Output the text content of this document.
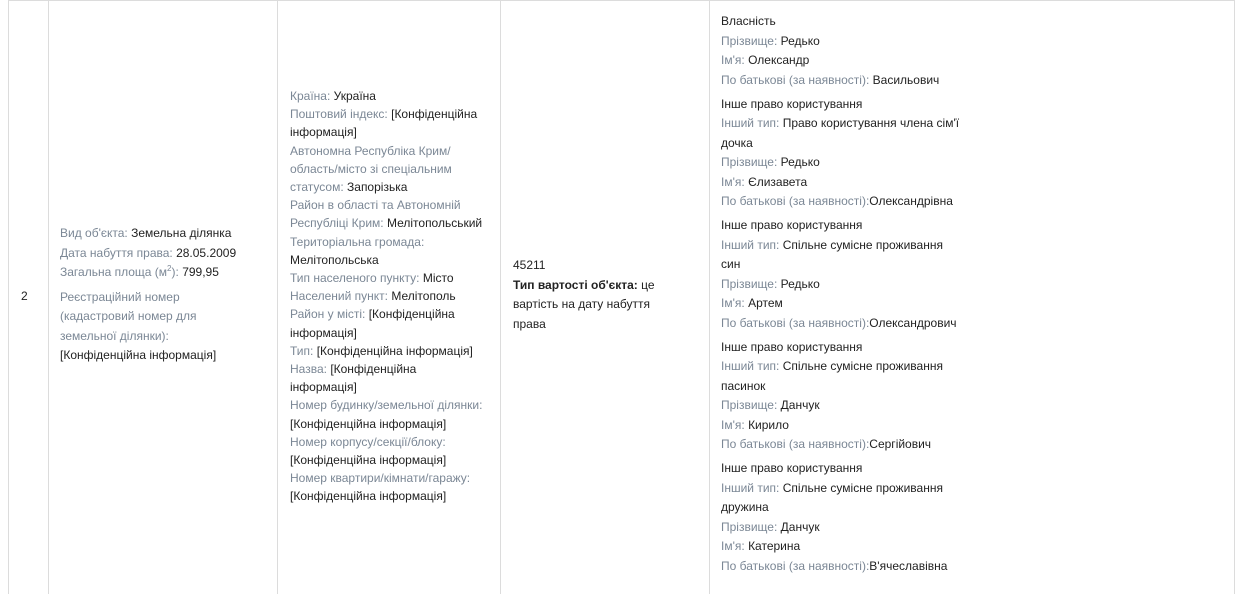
2
Вид об'єкта: Земельна ділянка
Дата набуття права: 28.05.2009
Загальна площа $(м^2)$: 799,95
Реєстраційний номер
(кадастровий номер для
земельної ділянки):
[Конфіденційна інформація]
Країна: Україна
Поштовий індекс: [Конфіденційна
інформація]
Автономна Республіка Крим/
область/місто зі спеціальним
статусом: Запорізька
Район в області та Автономній
Республіці Крим: Мелітопольський
Територіальна громада:
Мелітопольська
Тип населеного пункту: Місто
Населений пункт: Мелітополь
Район у місті: [Конфіденційна
інформація]
Тип: [Конфіденційна інформація]
Назва: [Конфіденційна
інформація]
Номер будинку/земельної ділянки:
[Конфіденційна інформація]
Номер корпусу/секції/блоку:
[Конфіденційна інформація]
Номер квартири/кімнати/гаражу:
[Конфіденційна інформація]
45211
Тип вартості об'єкта: це
вартість на дату набуття
права
Власність
Прізвище: Редько
Ім'я: Олександр
По батькові (за наявності): Васильович
Інше право користування
Інший тип: Право користування члена сім'ї
дочка
Прізвище: Редько
Ім'я: Єлизавета
По батькові (за наявності):Олександрівна
Інше право користування
Інший тип: Спільне сумісне проживання
син
Прізвище: Редько
Ім'я: Артем
По батькові (за наявності):Олександрович
Інше право користування
Інший тип: Спільне сумісне проживання
пасинок
Прізвище: Данчук
Ім'я: Кирило
По батькові (за наявності):Сергійович
Інше право користування
Інший тип: Спільне сумісне проживання
дружина
Прізвище: Данчук
Ім'я: Катерина
По батькові (за наявності):В'ячеславівна
